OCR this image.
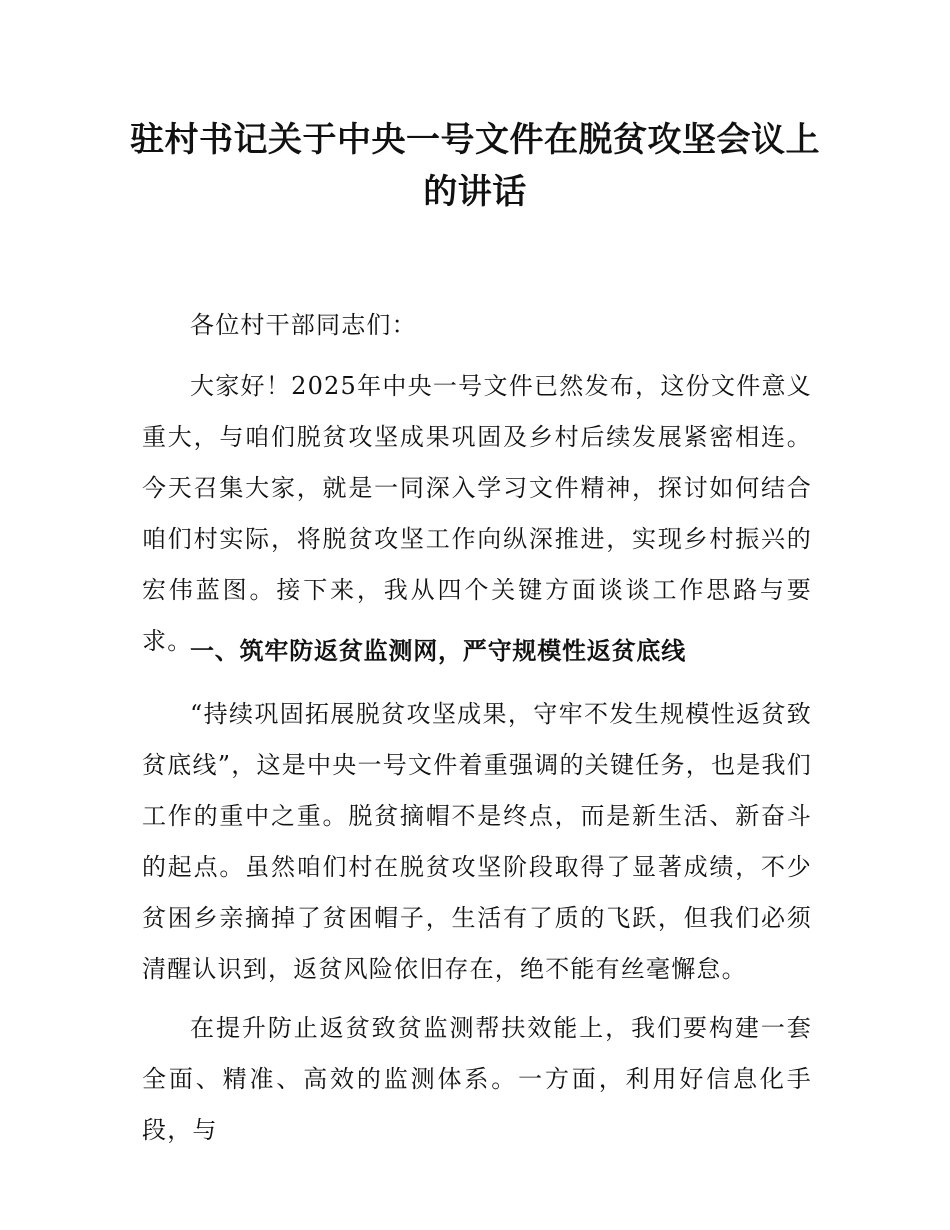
驻村书记关于中央一号文件在脱贫攻坚会议上的讲话

各位村干部同志们：

大家好！2025年中央一号文件已然发布，这份文件意义重大，与咱们脱贫攻坚成果巩固及乡村后续发展紧密相连。今天召集大家，就是一同深入学习文件精神，探讨如何结合咱们村实际，将脱贫攻坚工作向纵深推进，实现乡村振兴的宏伟蓝图。接下来，我从四个关键方面谈谈工作思路与要求。

一、筑牢防返贫监测网，严守规模性返贫底线

“持续巩固拓展脱贫攻坚成果，守牢不发生规模性返贫致贫底线”，这是中央一号文件着重强调的关键任务，也是我们工作的重中之重。脱贫摘帽不是终点，而是新生活、新奋斗的起点。虽然咱们村在脱贫攻坚阶段取得了显著成绩，不少贫困乡亲摘掉了贫困帽子，生活有了质的飞跃，但我们必须清醒认识到，返贫风险依旧存在，绝不能有丝毫懈怠。

在提升防止返贫致贫监测帮扶效能上，我们要构建一套全面、精准、高效的监测体系。一方面，利用好信息化手段，与
